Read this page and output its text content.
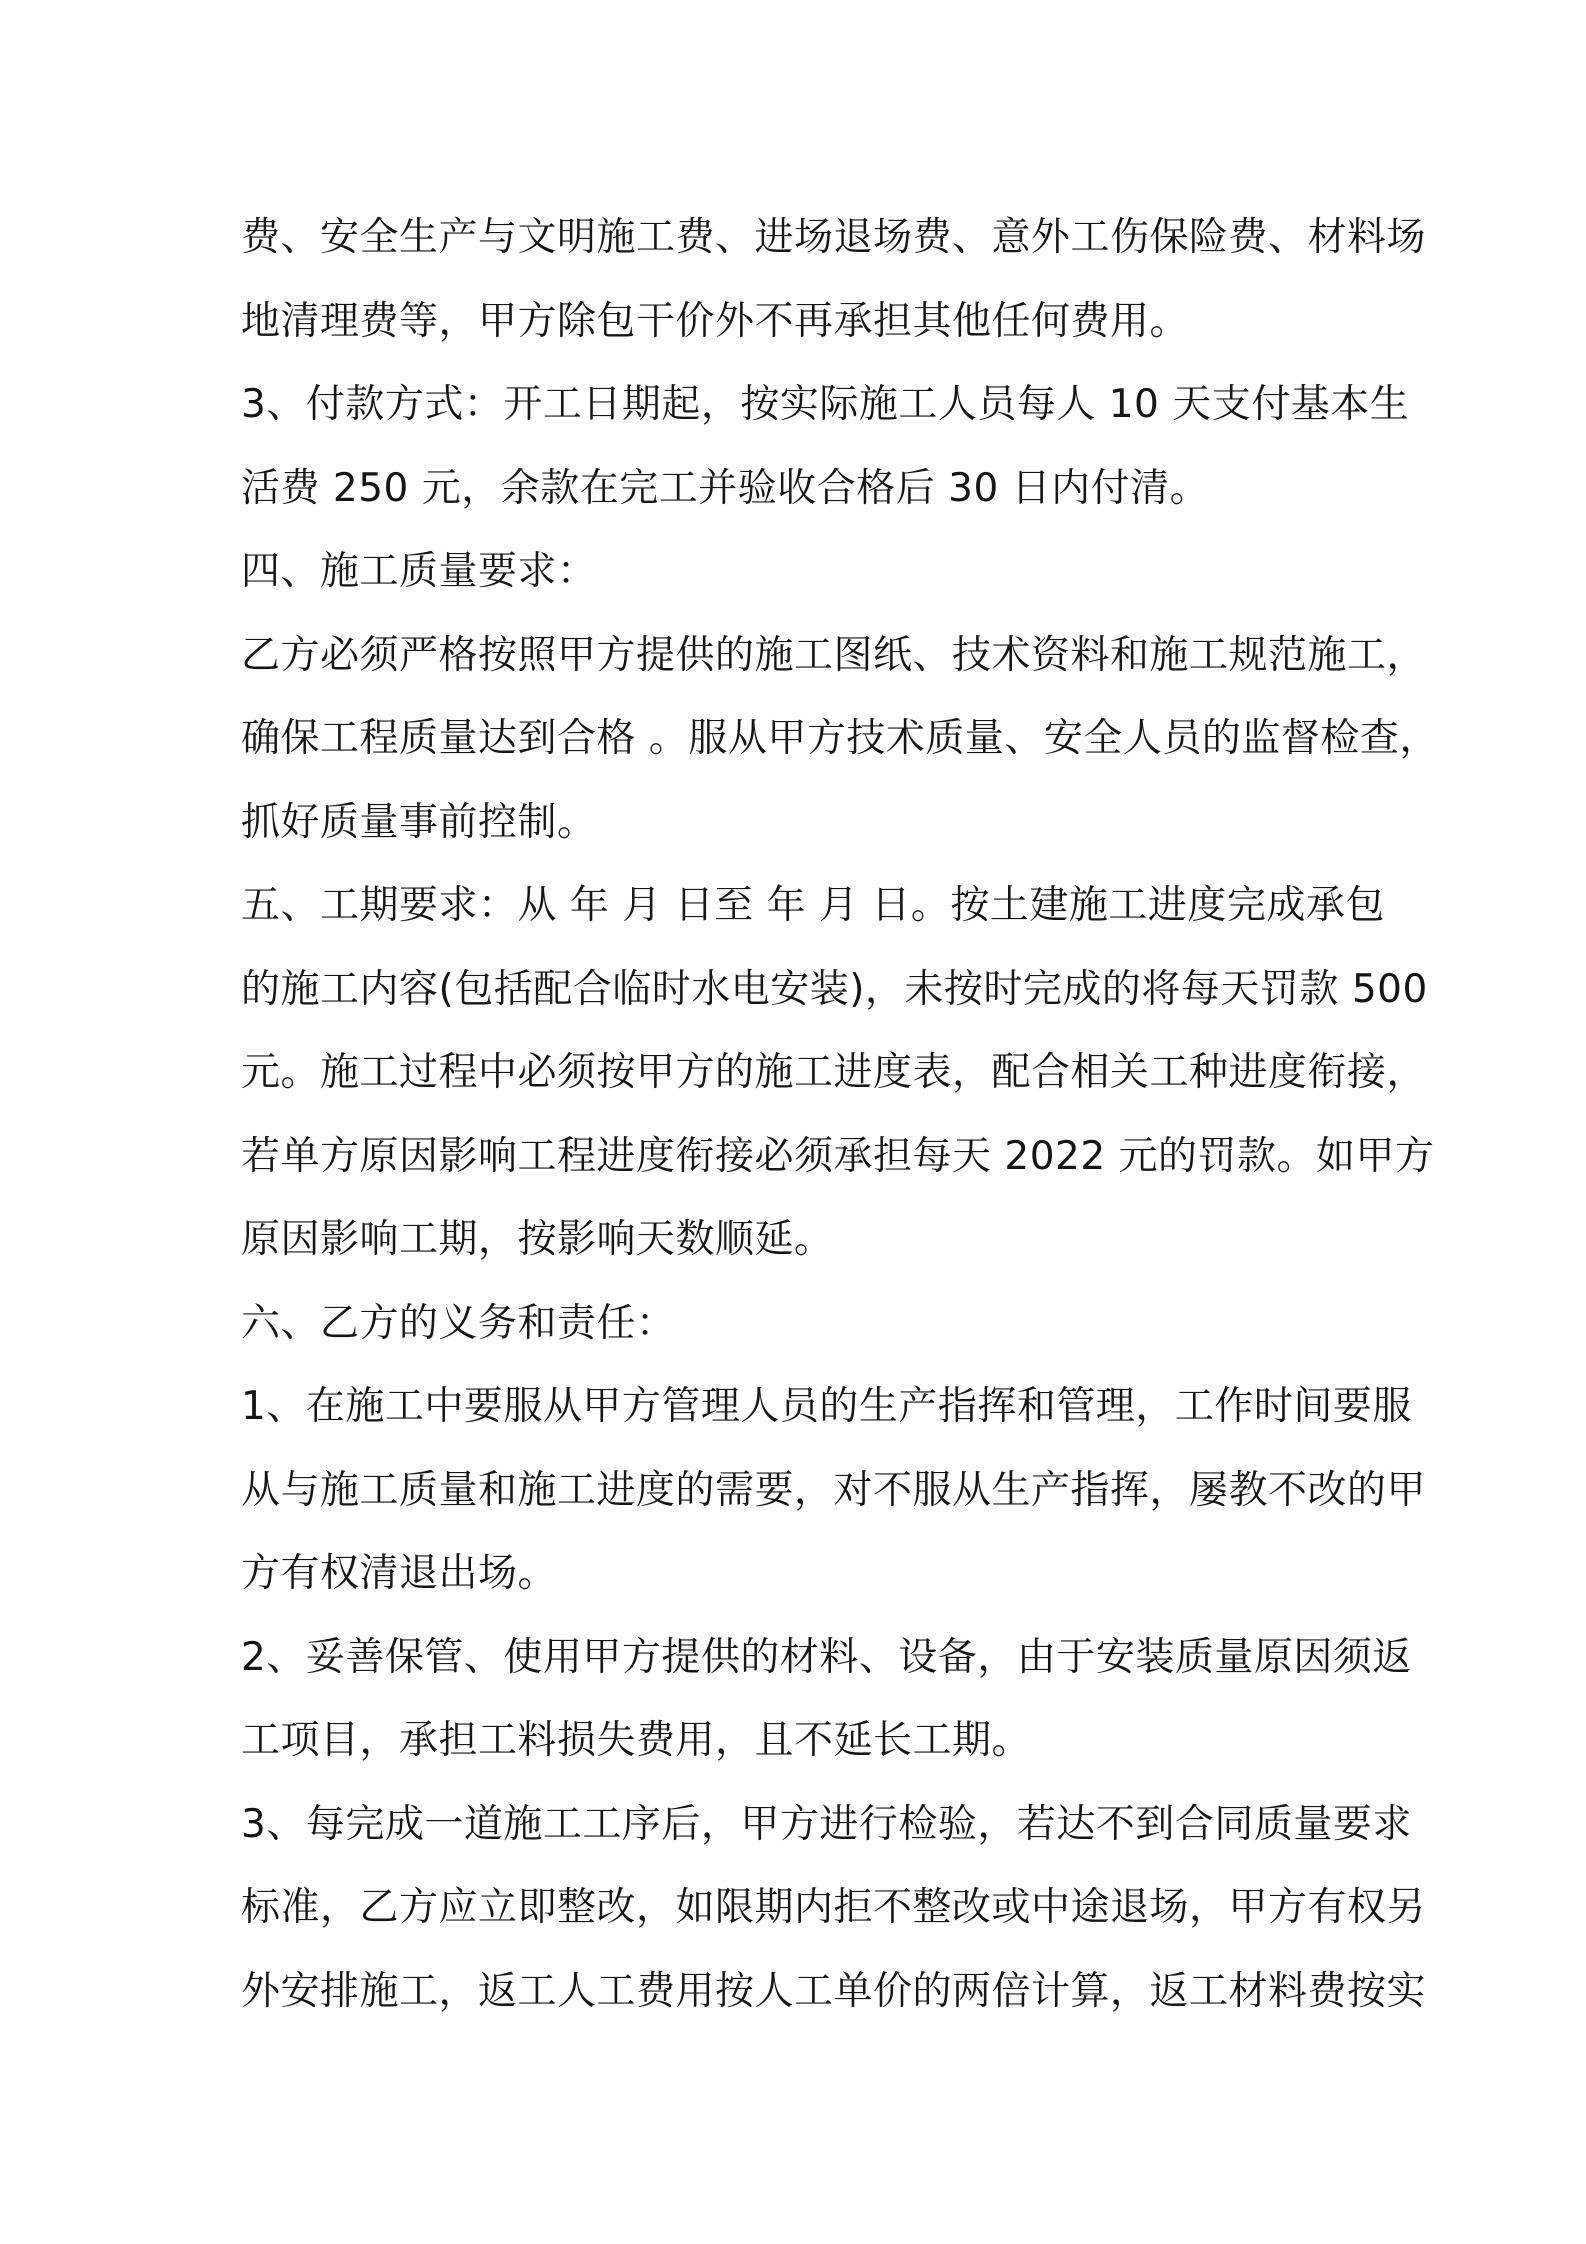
费、安全生产与文明施工费、进场退场费、意外工伤保险费、材料场
地清理费等，甲方除包干价外不再承担其他任何费用。
3、付款方式：开工日期起，按实际施工人员每人 10 天支付基本生
活费 250 元，余款在完工并验收合格后 30 日内付清。
四、施工质量要求：
乙方必须严格按照甲方提供的施工图纸、技术资料和施工规范施工，
确保工程质量达到合格 。服从甲方技术质量、安全人员的监督检查，
抓好质量事前控制。
五、工期要求：从 年 月 日至 年 月 日。按土建施工进度完成承包
的施工内容(包括配合临时水电安装)，未按时完成的将每天罚款 500
元。施工过程中必须按甲方的施工进度表，配合相关工种进度衔接，
若单方原因影响工程进度衔接必须承担每天 2022 元的罚款。如甲方
原因影响工期，按影响天数顺延。
六、乙方的义务和责任：
1、在施工中要服从甲方管理人员的生产指挥和管理，工作时间要服
从与施工质量和施工进度的需要，对不服从生产指挥，屡教不改的甲
方有权清退出场。
2、妥善保管、使用甲方提供的材料、设备，由于安装质量原因须返
工项目，承担工料损失费用，且不延长工期。
3、每完成一道施工工序后，甲方进行检验，若达不到合同质量要求
标准，乙方应立即整改，如限期内拒不整改或中途退场，甲方有权另
外安排施工，返工人工费用按人工单价的两倍计算，返工材料费按实
